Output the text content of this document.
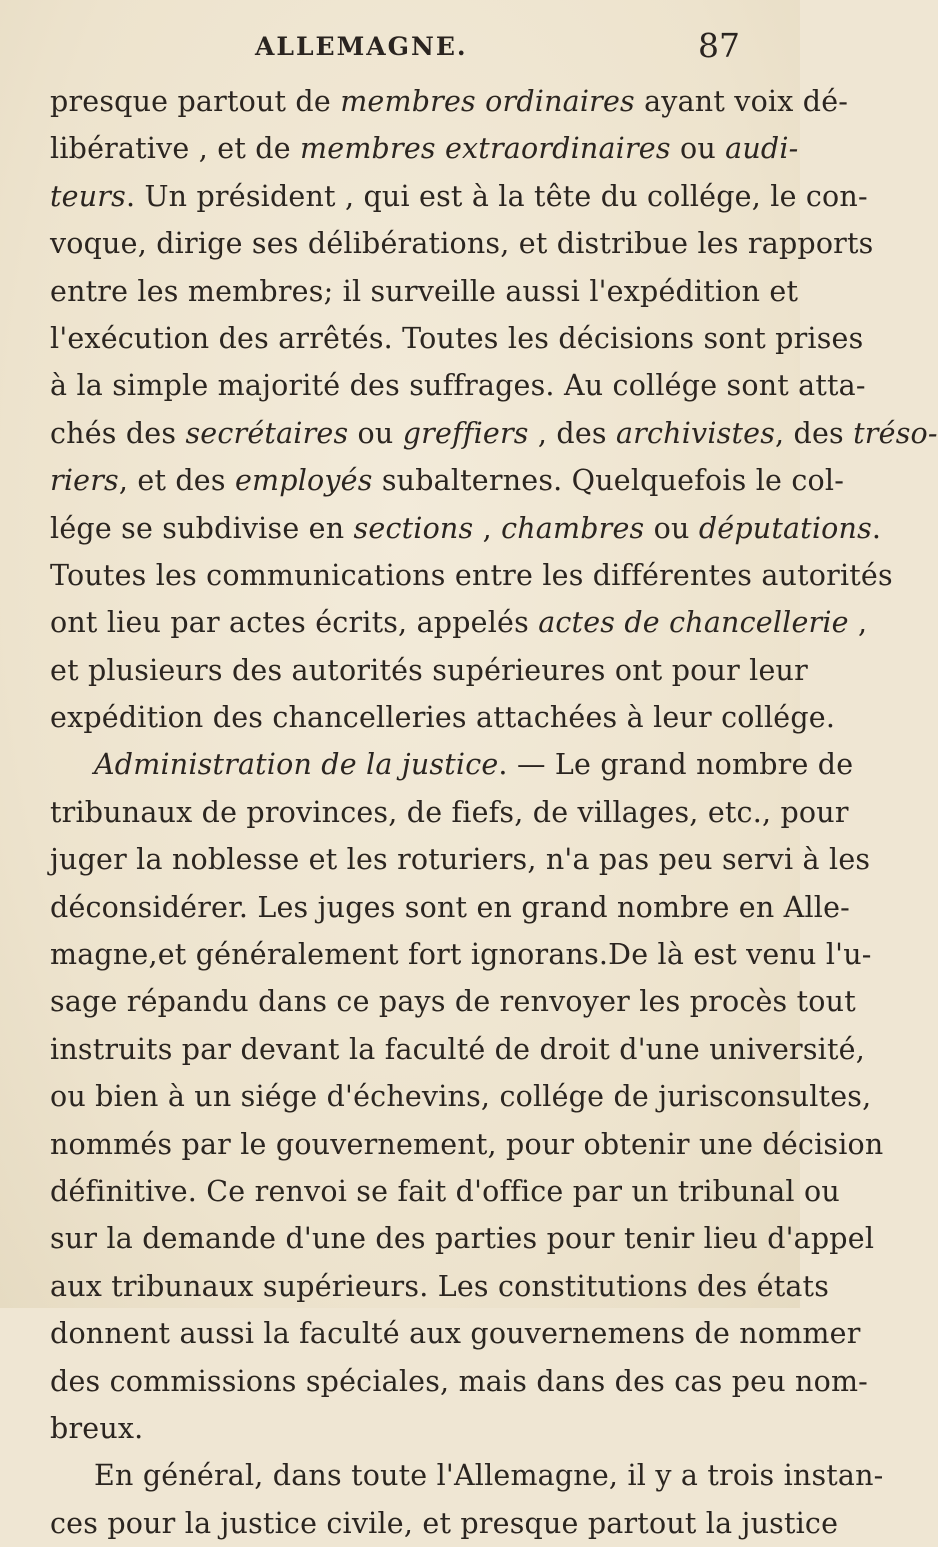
ALLEMAGNE.	87
presque partout de membres ordinaires ayant voix dé-
libérative , et de membres extraordinaires ou audi-
teurs. Un président , qui est à la tête du collége, le con-
voque, dirige ses délibérations, et distribue les rapports
entre les membres; il surveille aussi l'expédition et
l'exécution des arrêtés. Toutes les décisions sont prises
à la simple majorité des suffrages. Au collége sont atta-
chés des secrétaires ou greffiers , des archivistes, des tréso-
riers, et des employés subalternes. Quelquefois le col-
lége se subdivise en sections , chambres ou députations.
Toutes les communications entre les différentes autorités
ont lieu par actes écrits, appelés actes de chancellerie ,
et plusieurs des autorités supérieures ont pour leur
expédition des chancelleries attachées à leur collége.
Administration de la justice. — Le grand nombre de
tribunaux de provinces, de fiefs, de villages, etc., pour
juger la noblesse et les roturiers, n'a pas peu servi à les
déconsidérer. Les juges sont en grand nombre en Alle-
magne,et généralement fort ignorans.De là est venu l'u-
sage répandu dans ce pays de renvoyer les procès tout
instruits par devant la faculté de droit d'une université,
ou bien à un siége d'échevins, collége de jurisconsultes,
nommés par le gouvernement, pour obtenir une décision
définitive. Ce renvoi se fait d'office par un tribunal ou
sur la demande d'une des parties pour tenir lieu d'appel
aux tribunaux supérieurs. Les constitutions des états
donnent aussi la faculté aux gouvernemens de nommer
des commissions spéciales, mais dans des cas peu nom-
breux.
En général, dans toute l'Allemagne, il y a trois instan-
ces pour la justice civile, et presque partout la justice
